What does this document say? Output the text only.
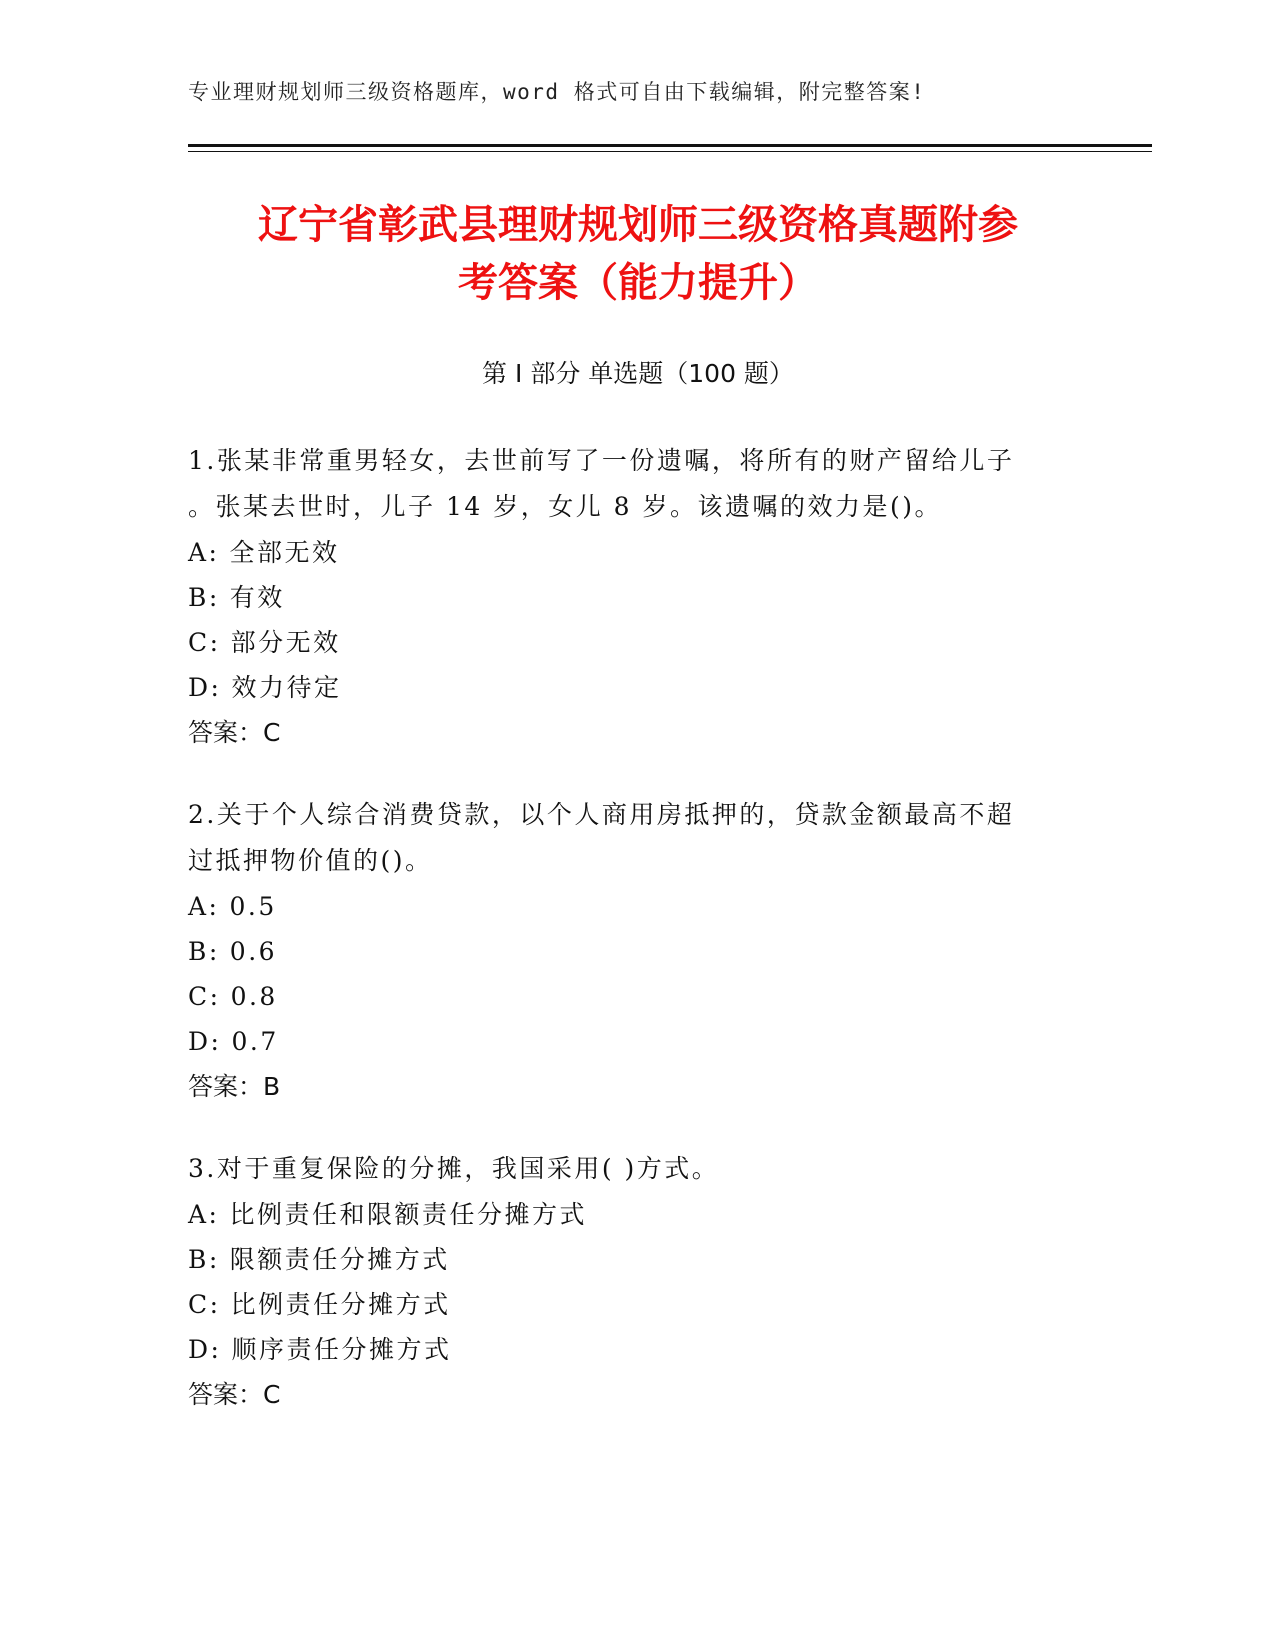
专业理财规划师三级资格题库，word 格式可自由下载编辑，附完整答案!
辽宁省彰武县理财规划师三级资格真题附参
考答案（能力提升）
第 I 部分 单选题（100 题）

1.张某非常重男轻女，去世前写了一份遗嘱，将所有的财产留给儿子

。张某去世时，儿子 14 岁，女儿 8 岁。该遗嘱的效力是()。

A: 全部无效

B: 有效

C: 部分无效

D: 效力待定

答案：C

2.关于个人综合消费贷款，以个人商用房抵押的，贷款金额最高不超

过抵押物价值的()。

A: 0.5

B: 0.6

C: 0.8

D: 0.7

答案：B

3.对于重复保险的分摊，我国采用( )方式。

A: 比例责任和限额责任分摊方式

B: 限额责任分摊方式

C: 比例责任分摊方式

D: 顺序责任分摊方式

答案：C
